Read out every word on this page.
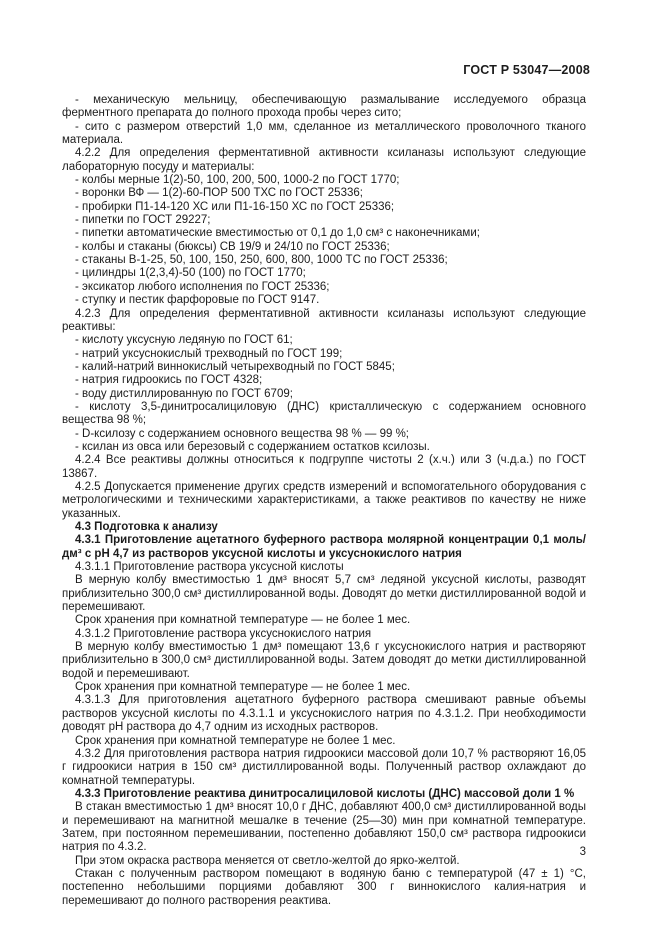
ГОСТ Р 53047—2008

- механическую мельницу, обеспечивающую размалывание исследуемого образца ферментного препарата до полного прохода пробы через сито;

- сито с размером отверстий 1,0 мм, сделанное из металлического проволочного тканого материала.

4.2.2 Для определения ферментативной активности ксиланазы используют следующие лабораторную посуду и материалы:

- колбы мерные 1(2)-50, 100, 200, 500, 1000-2 по ГОСТ 1770;

- воронки ВФ — 1(2)-60-ПОР 500 ТХС по ГОСТ 25336;

- пробирки П1-14-120 ХС или П1-16-150 ХС по ГОСТ 25336;

- пипетки по ГОСТ 29227;

- пипетки автоматические вместимостью от 0,1 до 1,0 см³ с наконечниками;

- колбы и стаканы (бюксы) СВ 19/9 и 24/10 по ГОСТ 25336;

- стаканы В-1-25, 50, 100, 150, 250, 600, 800, 1000 ТС по ГОСТ 25336;

- цилиндры 1(2,3,4)-50 (100) по ГОСТ 1770;

- эксикатор любого исполнения по ГОСТ 25336;

- ступку и пестик фарфоровые по ГОСТ 9147.

4.2.3 Для определения ферментативной активности ксиланазы используют следующие реактивы:

- кислоту уксусную ледяную по ГОСТ 61;

- натрий уксуснокислый трехводный по ГОСТ 199;

- калий-натрий виннокислый четырехводный по ГОСТ 5845;

- натрия гидроокись по ГОСТ 4328;

- воду дистиллированную по ГОСТ 6709;

- кислоту 3,5-динитросалициловую (ДНС) кристаллическую с содержанием основного вещества 98 %;

- D-ксилозу с содержанием основного вещества 98 % — 99 %;

- ксилан из овса или березовый с содержанием остатков ксилозы.

4.2.4 Все реактивы должны относиться к подгруппе чистоты 2 (х.ч.) или 3 (ч.д.а.) по ГОСТ 13867.

4.2.5 Допускается применение других средств измерений и вспомогательного оборудования с метрологическими и техническими характеристиками, а также реактивов по качеству не ниже указанных.

4.3 Подготовка к анализу

4.3.1 Приготовление ацетатного буферного раствора молярной концентрации 0,1 моль/дм³ с pH 4,7 из растворов уксусной кислоты и уксуснокислого натрия

4.3.1.1 Приготовление раствора уксусной кислоты

В мерную колбу вместимостью 1 дм³ вносят 5,7 см³ ледяной уксусной кислоты, разводят приблизительно 300,0 см³ дистиллированной воды. Доводят до метки дистиллированной водой и перемешивают.

Срок хранения при комнатной температуре — не более 1 мес.

4.3.1.2 Приготовление раствора уксуснокислого натрия

В мерную колбу вместимостью 1 дм³ помещают 13,6 г уксуснокислого натрия и растворяют приблизительно в 300,0 см³ дистиллированной воды. Затем доводят до метки дистиллированной водой и перемешивают.

Срок хранения при комнатной температуре — не более 1 мес.

4.3.1.3 Для приготовления ацетатного буферного раствора смешивают равные объемы растворов уксусной кислоты по 4.3.1.1 и уксуснокислого натрия по 4.3.1.2. При необходимости доводят pH раствора до 4,7 одним из исходных растворов.

Срок хранения при комнатной температуре не более 1 мес.

4.3.2 Для приготовления раствора натрия гидроокиси массовой доли 10,7 % растворяют 16,05 г гидроокиси натрия в 150 см³ дистиллированной воды. Полученный раствор охлаждают до комнатной температуры.

4.3.3 Приготовление реактива динитросалициловой кислоты (ДНС) массовой доли 1 %

В стакан вместимостью 1 дм³ вносят 10,0 г ДНС, добавляют 400,0 см³ дистиллированной воды и перемешивают на магнитной мешалке в течение (25—30) мин при комнатной температуре. Затем, при постоянном перемешивании, постепенно добавляют 150,0 см³ раствора гидроокиси натрия по 4.3.2.

При этом окраска раствора меняется от светло-желтой до ярко-желтой.

Стакан с полученным раствором помещают в водяную баню с температурой (47 ± 1) °С, постепенно небольшими порциями добавляют 300 г виннокислого калия-натрия и перемешивают до полного растворения реактива.

3
